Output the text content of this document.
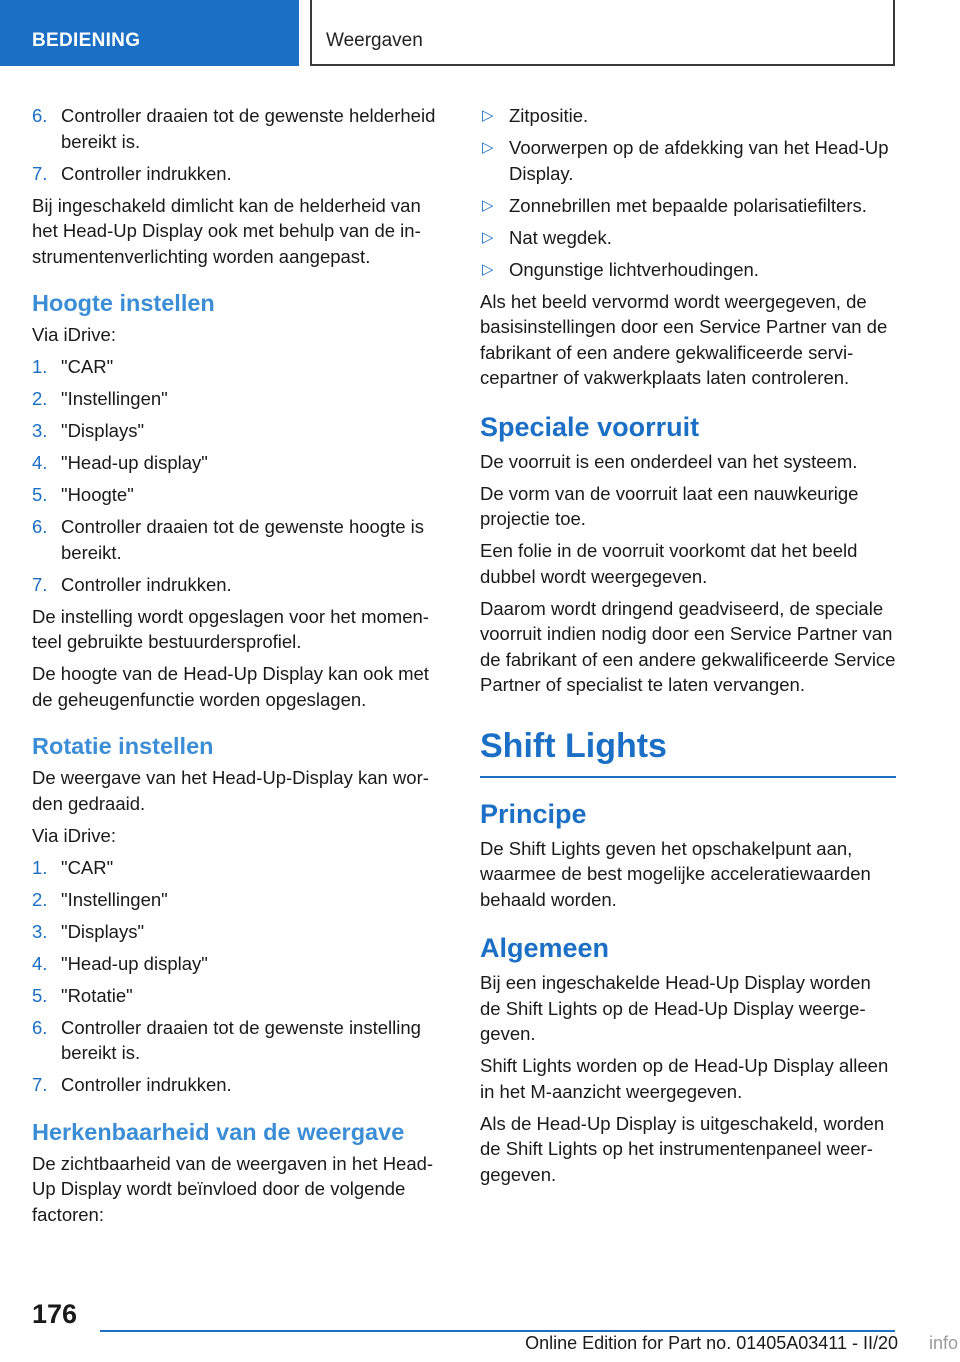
BEDIENING	Weergaven
6. Controller draaien tot de gewenste helderheid bereikt is.
7. Controller indrukken.

Bij ingeschakeld dimlicht kan de helderheid van het Head-Up Display ook met behulp van de instrumentenverlichting worden aangepast.

Hoogte instellen

Via iDrive:

1. "CAR"
2. "Instellingen"
3. "Displays"
4. "Head-up display"
5. "Hoogte"
6. Controller draaien tot de gewenste hoogte is bereikt.
7. Controller indrukken.

De instelling wordt opgeslagen voor het momenteel gebruikte bestuurdersprofiel.

De hoogte van de Head-Up Display kan ook met de geheugenfunctie worden opgeslagen.

Rotatie instellen

De weergave van het Head-Up-Display kan worden gedraaid.

Via iDrive:

1. "CAR"
2. "Instellingen"
3. "Displays"
4. "Head-up display"
5. "Rotatie"
6. Controller draaien tot de gewenste instelling bereikt is.
7. Controller indrukken.
Herkenbaarheid van de weergave

De zichtbaarheid van de weergaven in het Head-Up Display wordt beïnvloed door de volgende factoren:

▷ Zitpositie.
▷ Voorwerpen op de afdekking van het Head-Up Display.
▷ Zonnebrillen met bepaalde polarisatiefilters.
▷ Nat wegdek.
▷ Ongunstige lichtverhoudingen.

Als het beeld vervormd wordt weergegeven, de basisinstellingen door een Service Partner van de fabrikant of een andere gekwalificeerde servicepartner of vakwerkplaats laten controleren.

Speciale voorruit

De voorruit is een onderdeel van het systeem.

De vorm van de voorruit laat een nauwkeurige projectie toe.

Een folie in de voorruit voorkomt dat het beeld dubbel wordt weergegeven.

Daarom wordt dringend geadviseerd, de speciale voorruit indien nodig door een Service Partner van de fabrikant of een andere gekwalificeerde Service Partner of specialist te laten vervangen.

Shift Lights
Principe

De Shift Lights geven het opschakelpunt aan, waarmee de best mogelijke acceleratiewaarden behaald worden.

Algemeen

Bij een ingeschakelde Head-Up Display worden de Shift Lights op de Head-Up Display weergegeven.

Shift Lights worden op de Head-Up Display alleen in het M-aanzicht weergegeven.

Als de Head-Up Display is uitgeschakeld, worden de Shift Lights op het instrumentenpaneel weergegeven.

176
Online Edition for Part no. 01405A03411 - II/20 info
